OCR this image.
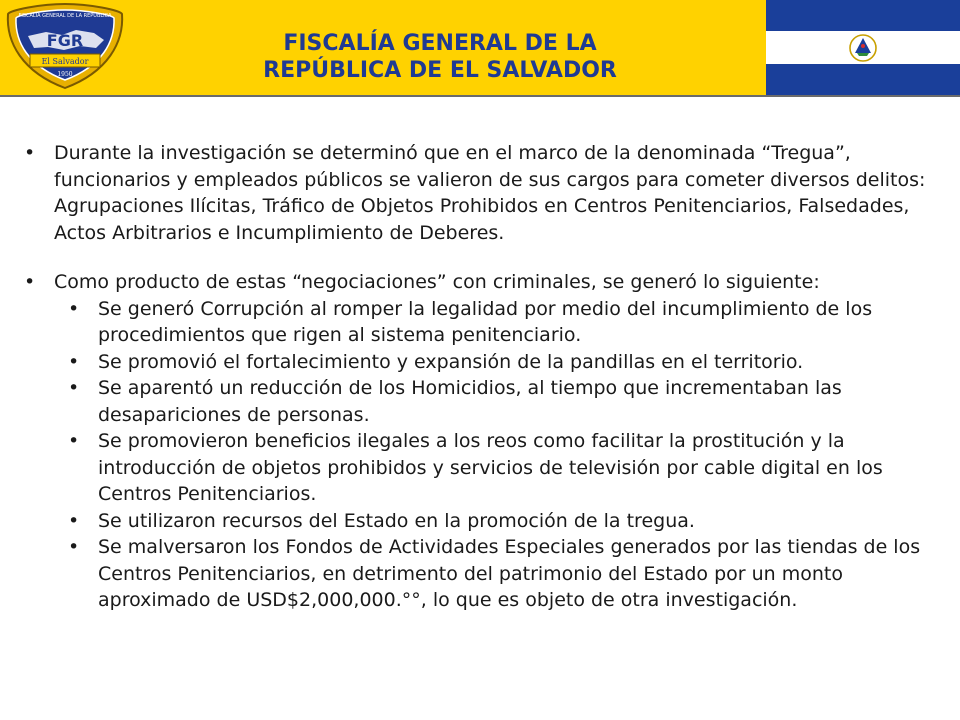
FISCALIA GENERAL DE LA REPUBLICA
FGR
El Salvador
1950
FISCALÍA GENERAL DE LA
REPÚBLICA DE EL SALVADOR

• Durante la investigación se determinó que en el marco de la denominada “Tregua”, funcionarios y empleados públicos se valieron de sus cargos para cometer diversos delitos: Agrupaciones Ilícitas, Tráfico de Objetos Prohibidos en Centros Penitenciarios, Falsedades, Actos Arbitrarios e Incumplimiento de Deberes.

• Como producto de estas “negociaciones” con criminales, se generó lo siguiente:

• Se generó Corrupción al romper la legalidad por medio del incumplimiento de los procedimientos que rigen al sistema penitenciario.

• Se promovió el fortalecimiento y expansión de la pandillas en el territorio.

• Se aparentó un reducción de los Homicidios, al tiempo que incrementaban las desapariciones de personas.

• Se promovieron beneficios ilegales a los reos como facilitar la prostitución y la introducción de objetos prohibidos y servicios de televisión por cable digital en los Centros Penitenciarios.

• Se utilizaron recursos del Estado en la promoción de la tregua.

• Se malversaron los Fondos de Actividades Especiales generados por las tiendas de los Centros Penitenciarios, en detrimento del patrimonio del Estado por un monto aproximado de USD$2,000,000.°°, lo que es objeto de otra investigación.
